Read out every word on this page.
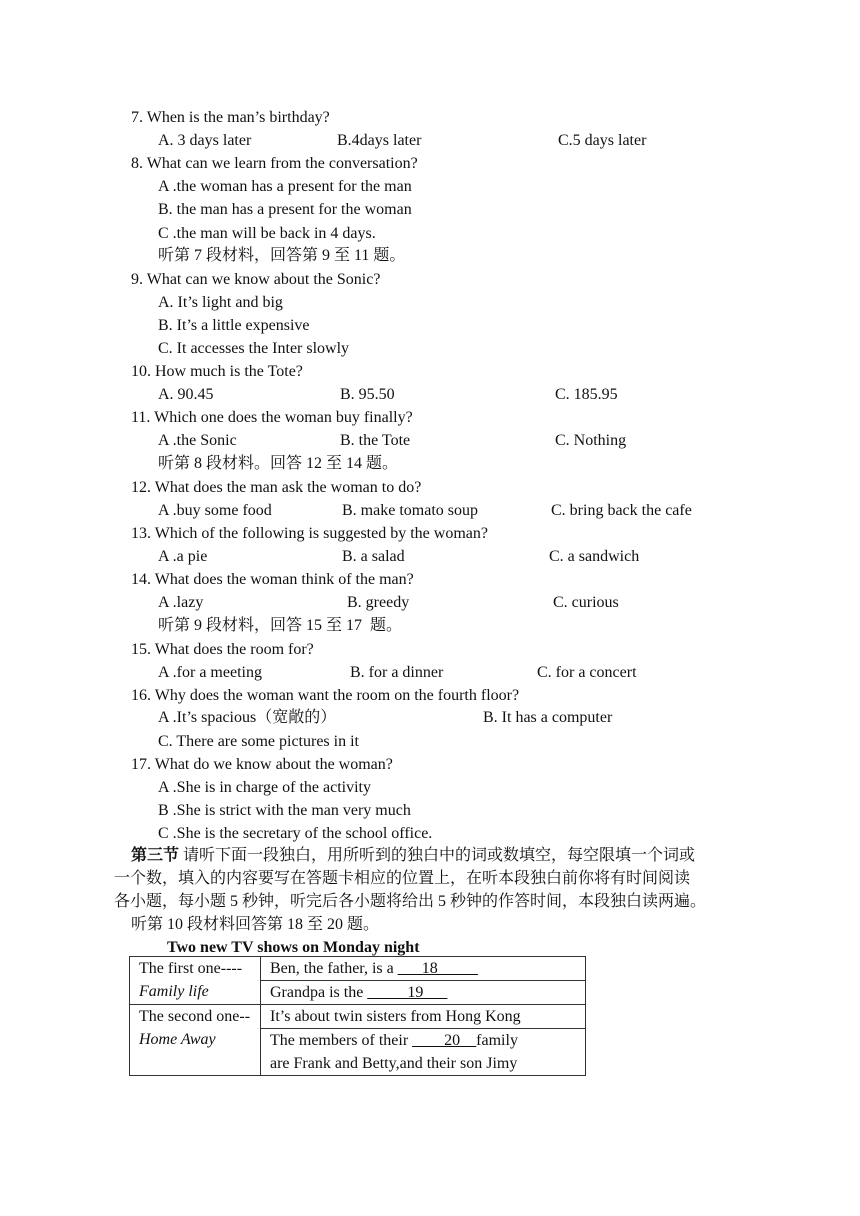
7. When is the man’s birthday?
A. 3 days later	B.4days later	C.5 days later
8. What can we learn from the conversation?
A .the woman has a present for the man
B. the man has a present for the woman
C .the man will be back in 4 days.
听第 7 段材料，回答第 9 至 11 题。
9. What can we know about the Sonic?
A. It’s light and big
B. It’s a little expensive
C. It accesses the Inter slowly
10. How much is the Tote?
A. 90.45	B. 95.50	C. 185.95
11. Which one does the woman buy finally?
A .the Sonic	B. the Tote	C. Nothing
听第 8 段材料。回答 12 至 14 题。
12. What does the man ask the woman to do?
A .buy some food	B. make tomato soup	C. bring back the cafe
13. Which of the following is suggested by the woman?
A .a pie	B. a salad	C. a sandwich
14. What does the woman think of the man?
A .lazy	B. greedy	C. curious
听第 9 段材料，回答 15 至 17  题。
15. What does the room for?
A .for a meeting	B. for a dinner	C. for a concert
16. Why does the woman want the room on the fourth floor?
A .It’s spacious（宽敞的）	B. It has a computer
C. There are some pictures in it
17. What do we know about the woman?
A .She is in charge of the activity
B .She is strict with the man very much
C .She is the secretary of the school office.
第三节 请听下面一段独白，用所听到的独白中的词或数填空，每空限填一个词或
一个数，填入的内容要写在答题卡相应的位置上，在听本段独白前你将有时间阅读
各小题，每小题 5 秒钟，听完后各小题将给出 5 秒钟的作答时间，本段独白读两遍。
听第 10 段材料回答第 18 至 20 题。
Two new TV shows on Monday night
The first one----
Family life	Ben, the father, is a ___18_____
	Grandpa is the _____19___

The second one--
Home Away	It’s about twin sisters from Hong Kong

	The members of their ____20__family
are Frank and Betty,and their son Jimy
